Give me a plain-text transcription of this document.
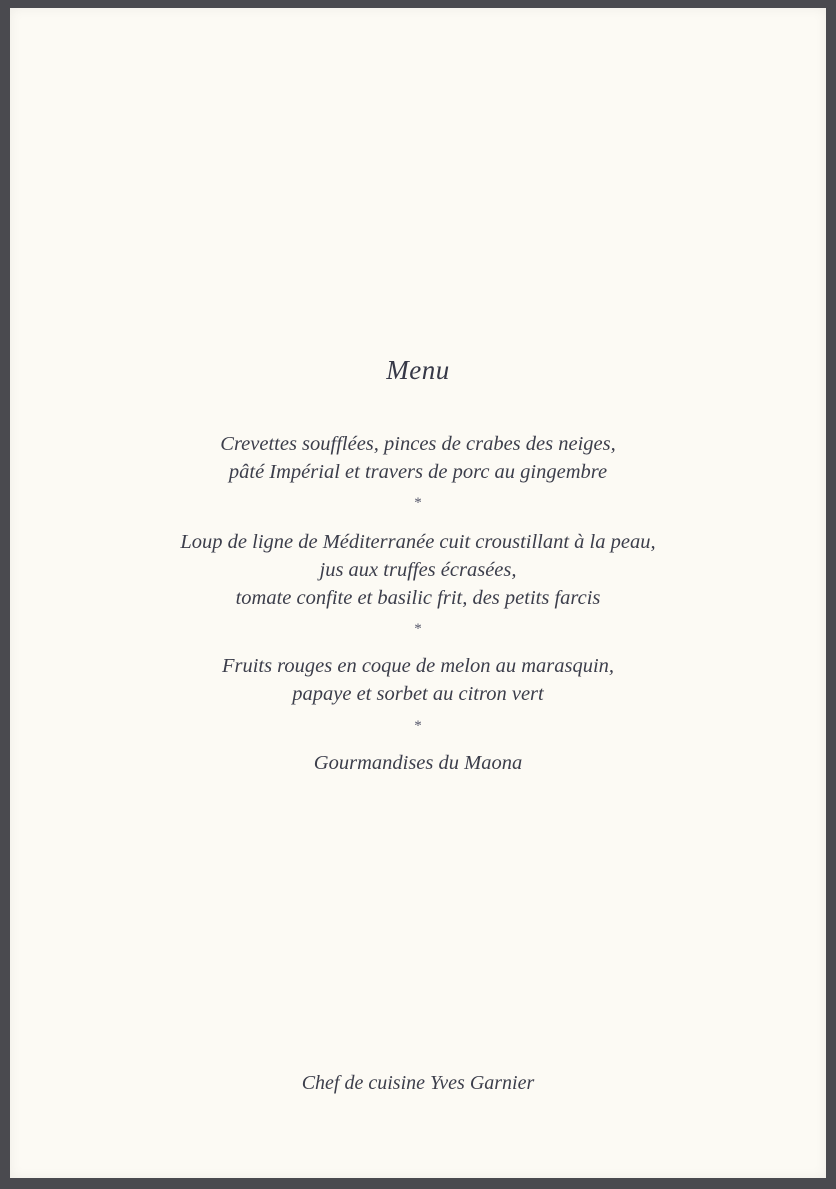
Menu
Crevettes soufflées, pinces de crabes des neiges,
pâté Impérial et travers de porc au gingembre
*
Loup de ligne de Méditerranée cuit croustillant à la peau,
jus aux truffes écrasées,
tomate confite et basilic frit, des petits farcis
*
Fruits rouges en coque de melon au marasquin,
papaye et sorbet au citron vert
*
Gourmandises du Maona
Chef de cuisine Yves Garnier
